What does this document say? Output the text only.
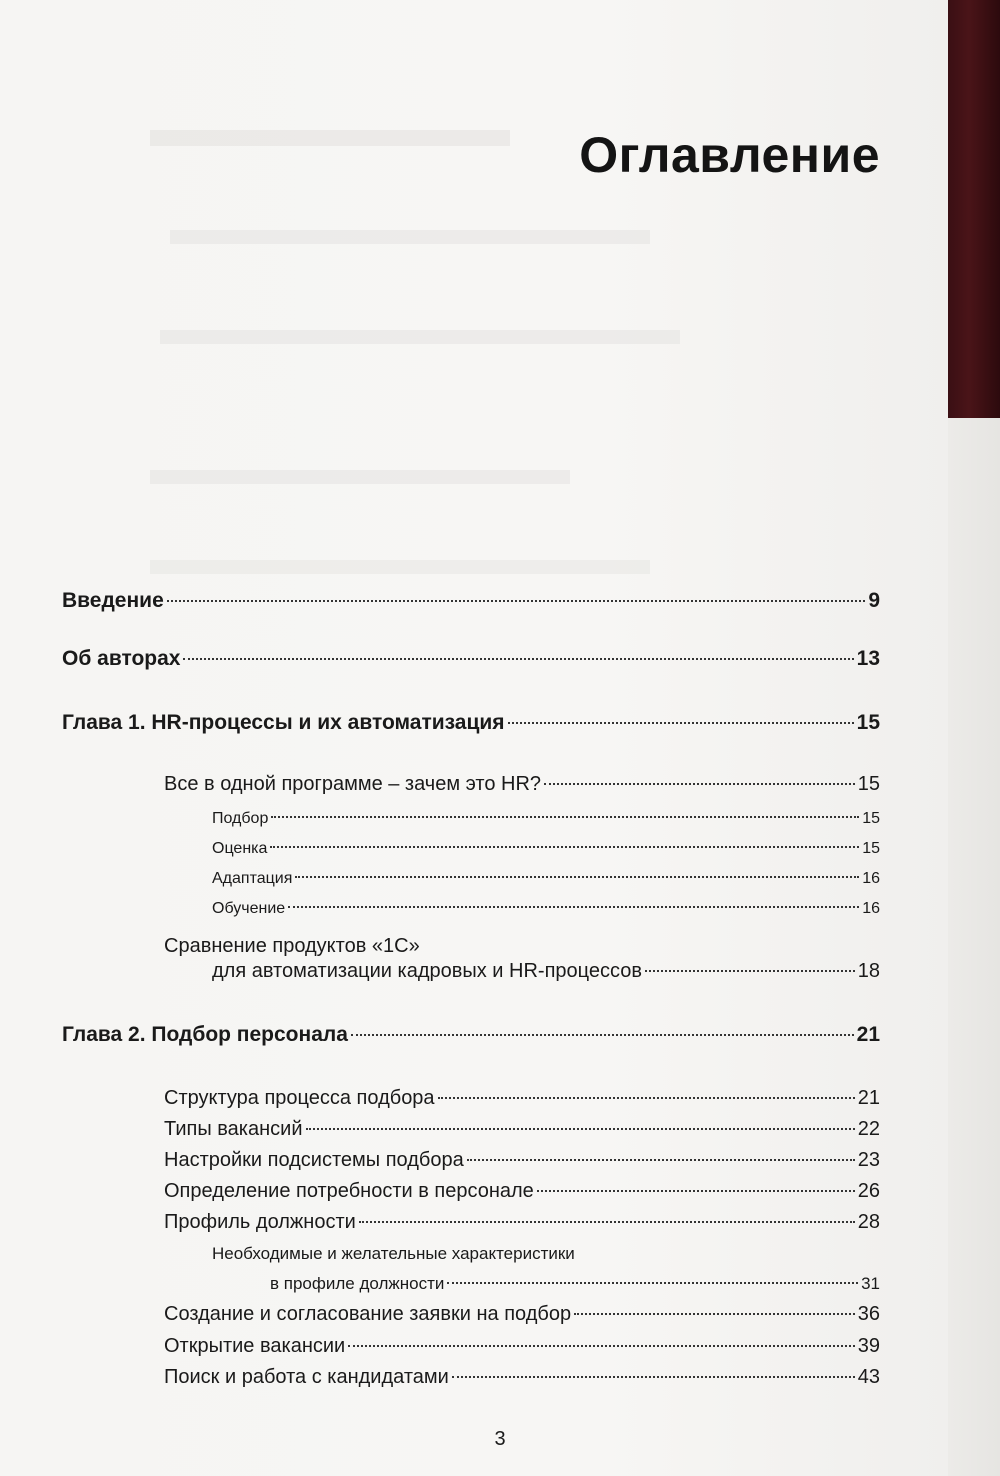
Оглавление
Введение	9
Об авторах	13
Глава 1. HR-процессы и их автоматизация	15
Все в одной программе – зачем это HR?	15
Подбор	15
Оценка	15
Адаптация	16
Обучение	16
Сравнение продуктов «1С»
для автоматизации кадровых и HR-процессов	18
Глава 2. Подбор персонала	21
Структура процесса подбора	21
Типы вакансий	22
Настройки подсистемы подбора	23
Определение потребности в персонале	26
Профиль должности	28
Необходимые и желательные характеристики
в профиле должности	31
Создание и согласование заявки на подбор	36
Открытие вакансии	39
Поиск и работа с кандидатами	43
3
